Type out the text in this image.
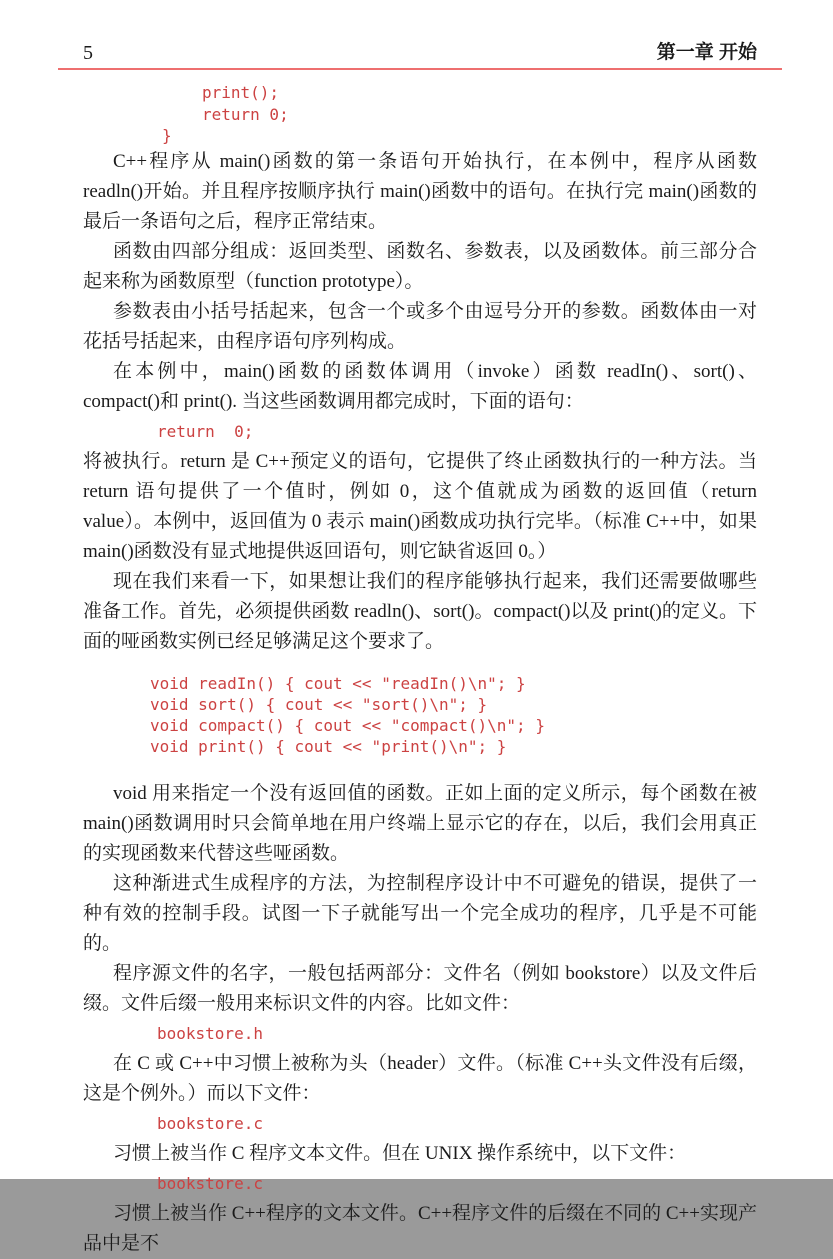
5	第一章 开始
print();
return 0;
}

C++程序从 main()函数的第一条语句开始执行，在本例中，程序从函数 readln()开始。并且程序按顺序执行 main()函数中的语句。在执行完 main()函数的最后一条语句之后，程序正常结束。

函数由四部分组成：返回类型、函数名、参数表，以及函数体。前三部分合起来称为函数原型（function prototype）。

参数表由小括号括起来，包含一个或多个由逗号分开的参数。函数体由一对花括号括起来，由程序语句序列构成。

在本例中，main()函数的函数体调用（invoke）函数 readIn()、sort()、compact()和 print(). 当这些函数调用都完成时，下面的语句：

return  0;

将被执行。return 是 C++预定义的语句，它提供了终止函数执行的一种方法。当 return 语句提供了一个值时，例如 0，这个值就成为函数的返回值（return value）。本例中，返回值为 0 表示 main()函数成功执行完毕。（标准 C++中，如果 main()函数没有显式地提供返回语句，则它缺省返回 0。）

现在我们来看一下，如果想让我们的程序能够执行起来，我们还需要做哪些准备工作。首先，必须提供函数 readln()、sort()。compact()以及 print()的定义。下面的哑函数实例已经足够满足这个要求了。

void readIn() { cout << "readIn()\n"; }
void sort() { cout << "sort()\n"; }
void compact() { cout << "compact()\n"; }
void print() { cout << "print()\n"; }

void 用来指定一个没有返回值的函数。正如上面的定义所示，每个函数在被 main()函数调用时只会简单地在用户终端上显示它的存在，以后，我们会用真正的实现函数来代替这些哑函数。

这种渐进式生成程序的方法，为控制程序设计中不可避免的错误，提供了一种有效的控制手段。试图一下子就能写出一个完全成功的程序，几乎是不可能的。

程序源文件的名字，一般包括两部分：文件名（例如 bookstore）以及文件后缀。文件后缀一般用来标识文件的内容。比如文件：

bookstore.h

在 C 或 C++中习惯上被称为头（header）文件。（标准 C++头文件没有后缀，这是个例外。）而以下文件：

bookstore.c

习惯上被当作 C 程序文本文件。但在 UNIX 操作系统中，以下文件：

bookstore.c

习惯上被当作 C++程序的文本文件。C++程序文件的后缀在不同的 C++实现产品中是不
